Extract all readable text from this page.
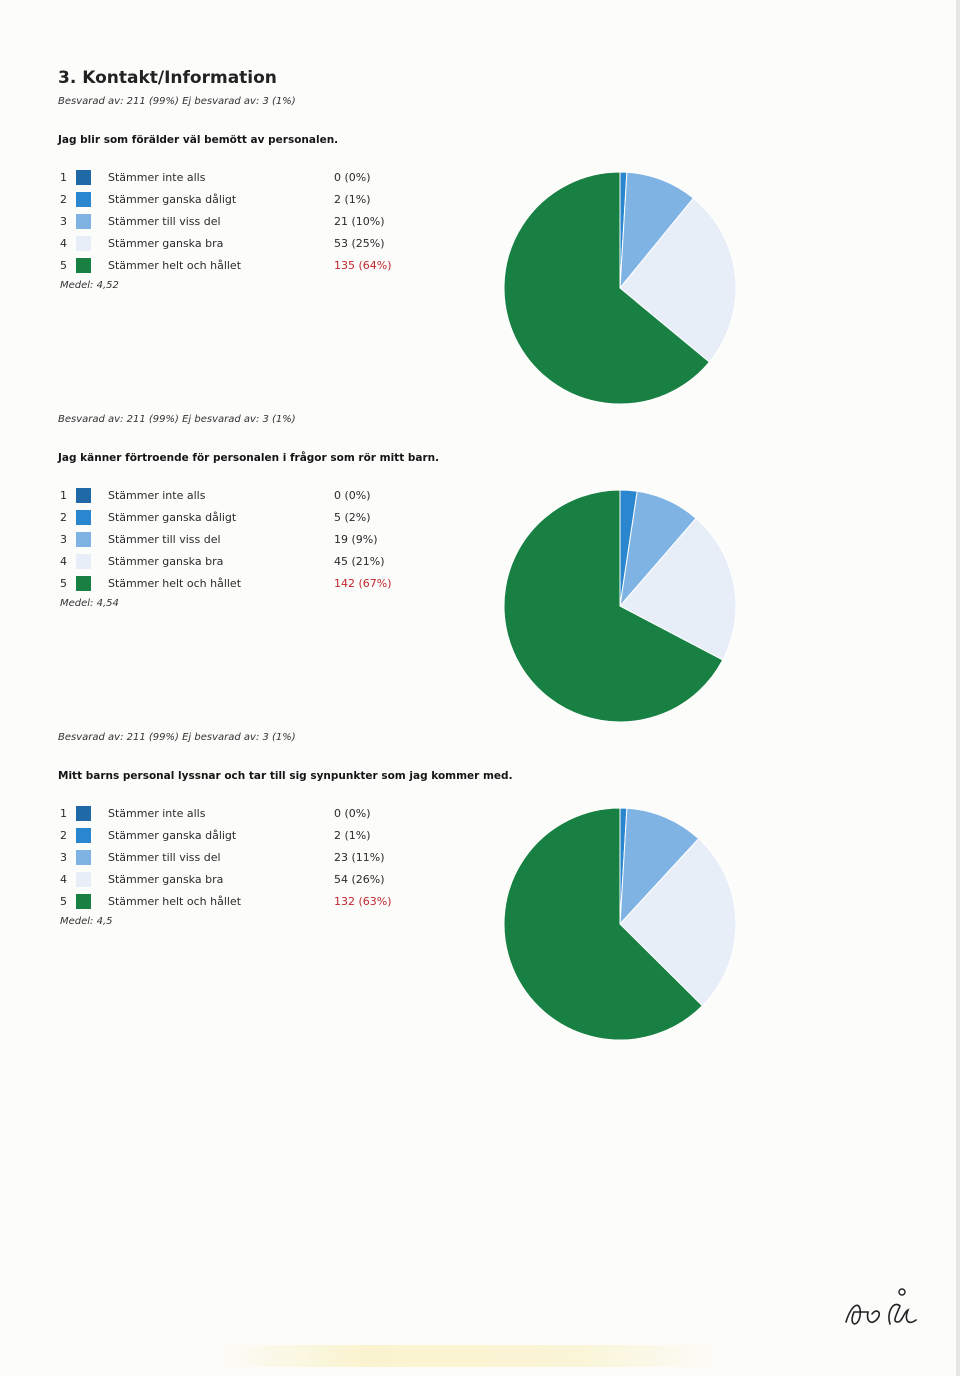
3. Kontakt/Information
Besvarad av: 211 (99%) Ej besvarad av: 3 (1%)
Jag blir som förälder väl bemött av personalen.
1	Stämmer inte alls	0 (0%)
2	Stämmer ganska dåligt	2 (1%)
3	Stämmer till viss del	21 (10%)
4	Stämmer ganska bra	53 (25%)
5	Stämmer helt och hållet	135 (64%)
Medel: 4,52
Besvarad av: 211 (99%) Ej besvarad av: 3 (1%)
Jag känner förtroende för personalen i frågor som rör mitt barn.
1	Stämmer inte alls	0 (0%)
2	Stämmer ganska dåligt	5 (2%)
3	Stämmer till viss del	19 (9%)
4	Stämmer ganska bra	45 (21%)
5	Stämmer helt och hållet	142 (67%)
Medel: 4,54
Besvarad av: 211 (99%) Ej besvarad av: 3 (1%)
Mitt barns personal lyssnar och tar till sig synpunkter som jag kommer med.
1	Stämmer inte alls	0 (0%)
2	Stämmer ganska dåligt	2 (1%)
3	Stämmer till viss del	23 (11%)
4	Stämmer ganska bra	54 (26%)
5	Stämmer helt och hållet	132 (63%)
Medel: 4,5
